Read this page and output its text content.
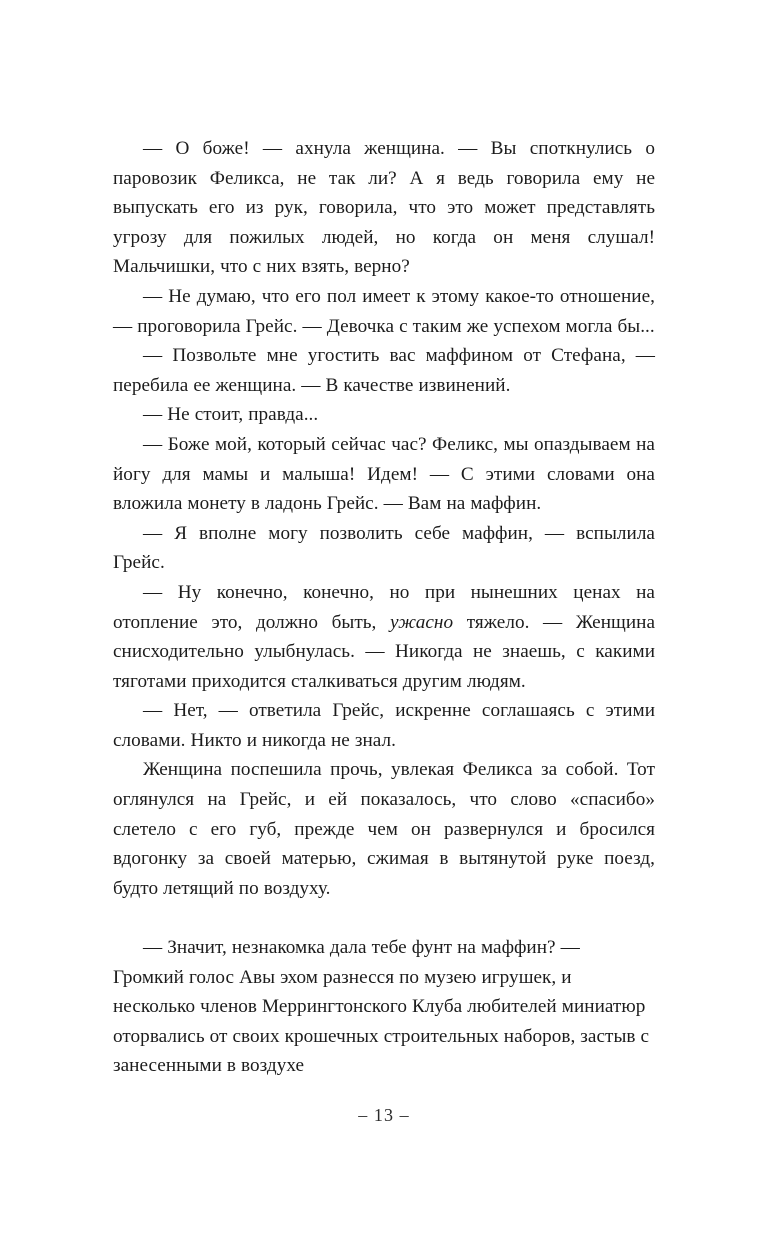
— О боже! — ахнула женщина. — Вы споткнулись о паровозик Феликса, не так ли? А я ведь говорила ему не выпускать его из рук, говорила, что это может представлять угрозу для пожилых людей, но когда он меня слушал! Мальчишки, что с них взять, верно?

— Не думаю, что его пол имеет к этому какое-то отношение, — проговорила Грейс. — Девочка с таким же успехом могла бы...

— Позвольте мне угостить вас маффином от Стефана, — перебила ее женщина. — В качестве извинений.

— Не стоит, правда...

— Боже мой, который сейчас час? Феликс, мы опаздываем на йогу для мамы и малыша! Идем! — С этими словами она вложила монету в ладонь Грейс. — Вам на маффин.

— Я вполне могу позволить себе маффин, — вспылила Грейс.

— Ну конечно, конечно, но при нынешних ценах на отопление это, должно быть, ужасно тяжело. — Женщина снисходительно улыбнулась. — Никогда не знаешь, с какими тяготами приходится сталкиваться другим людям.

— Нет, — ответила Грейс, искренне соглашаясь с этими словами. Никто и никогда не знал.

Женщина поспешила прочь, увлекая Феликса за собой. Тот оглянулся на Грейс, и ей показалось, что слово «спасибо» слетело с его губ, прежде чем он развернулся и бросился вдогонку за своей матерью, сжимая в вытянутой руке поезд, будто летящий по воздуху.

— Значит, незнакомка дала тебе фунт на маффин? — Громкий голос Авы эхом разнесся по музею игрушек, и несколько членов Меррингтонского Клуба любителей миниатюр оторвались от своих крошечных строительных наборов, застыв с занесенными в воздухе

– 13 –
